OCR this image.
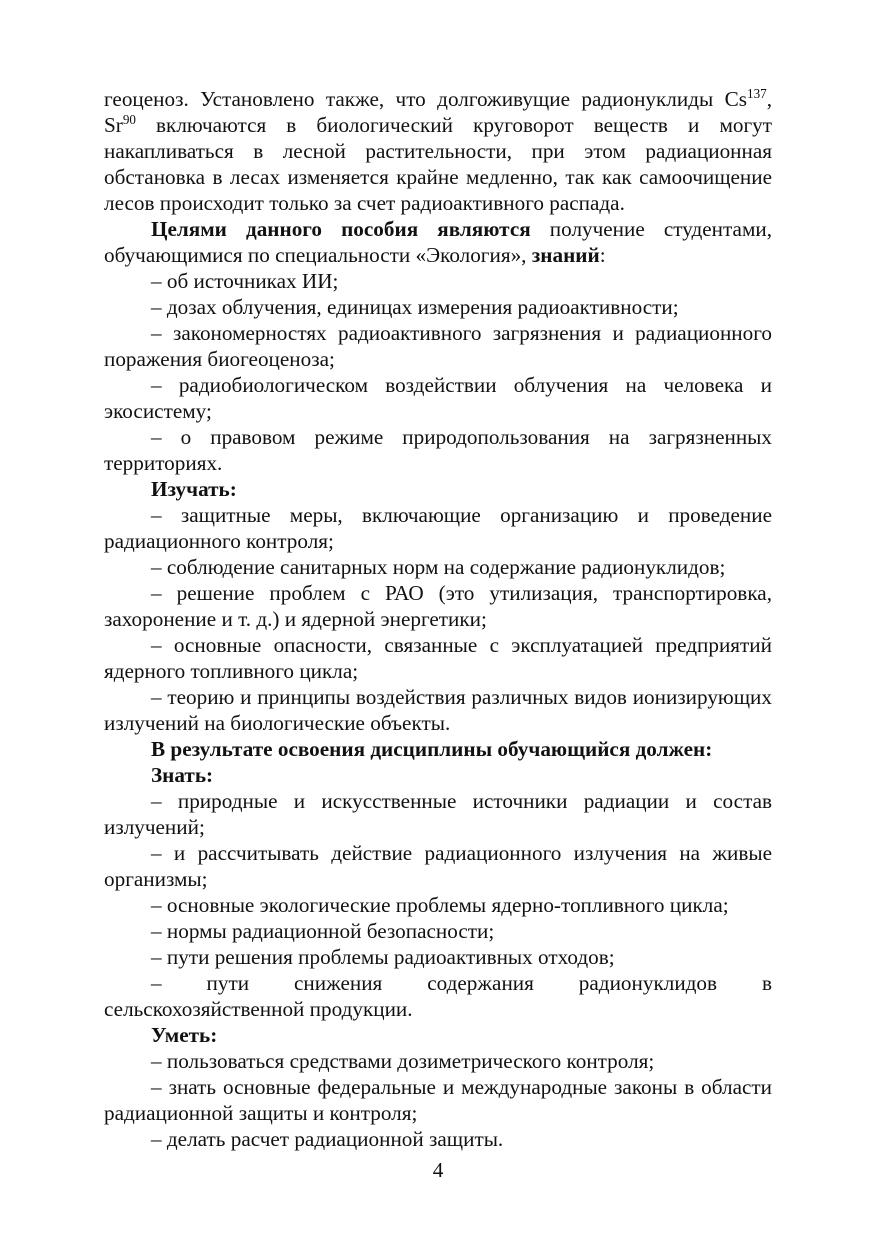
геоценоз. Установлено также, что долгоживущие радионуклиды Cs$^{137}$, Sr$^{90}$ включаются в биологический круговорот веществ и могут накапливаться в лесной растительности, при этом радиационная обстановка в лесах изменяется крайне медленно, так как самоочищение лесов происходит только за счет радиоактивного распада.

Целями данного пособия являются получение студентами, обучающимися по специальности «Экология», знаний:

– об источниках ИИ;

– дозах облучения, единицах измерения радиоактивности;

– закономерностях радиоактивного загрязнения и радиационного поражения биогеоценоза;

– радиобиологическом воздействии облучения на человека и экосистему;

– о правовом режиме природопользования на загрязненных территориях.

Изучать:

– защитные меры, включающие организацию и проведение радиационного контроля;

– соблюдение санитарных норм на содержание радионуклидов;

– решение проблем с РАО (это утилизация, транспортировка, захоронение и т. д.) и ядерной энергетики;

– основные опасности, связанные с эксплуатацией предприятий ядерного топливного цикла;

– теорию и принципы воздействия различных видов ионизирующих излучений на биологические объекты.

В результате освоения дисциплины обучающийся должен:

Знать:

– природные и искусственные источники радиации и состав излучений;

– и рассчитывать действие радиационного излучения на живые организмы;

– основные экологические проблемы ядерно-топливного цикла;

– нормы радиационной безопасности;

– пути решения проблемы радиоактивных отходов;

– пути снижения содержания радионуклидов в сельскохозяйственной продукции.

Уметь:

– пользоваться средствами дозиметрического контроля;

– знать основные федеральные и международные законы в области радиационной защиты и контроля;

– делать расчет радиационной защиты.

4
